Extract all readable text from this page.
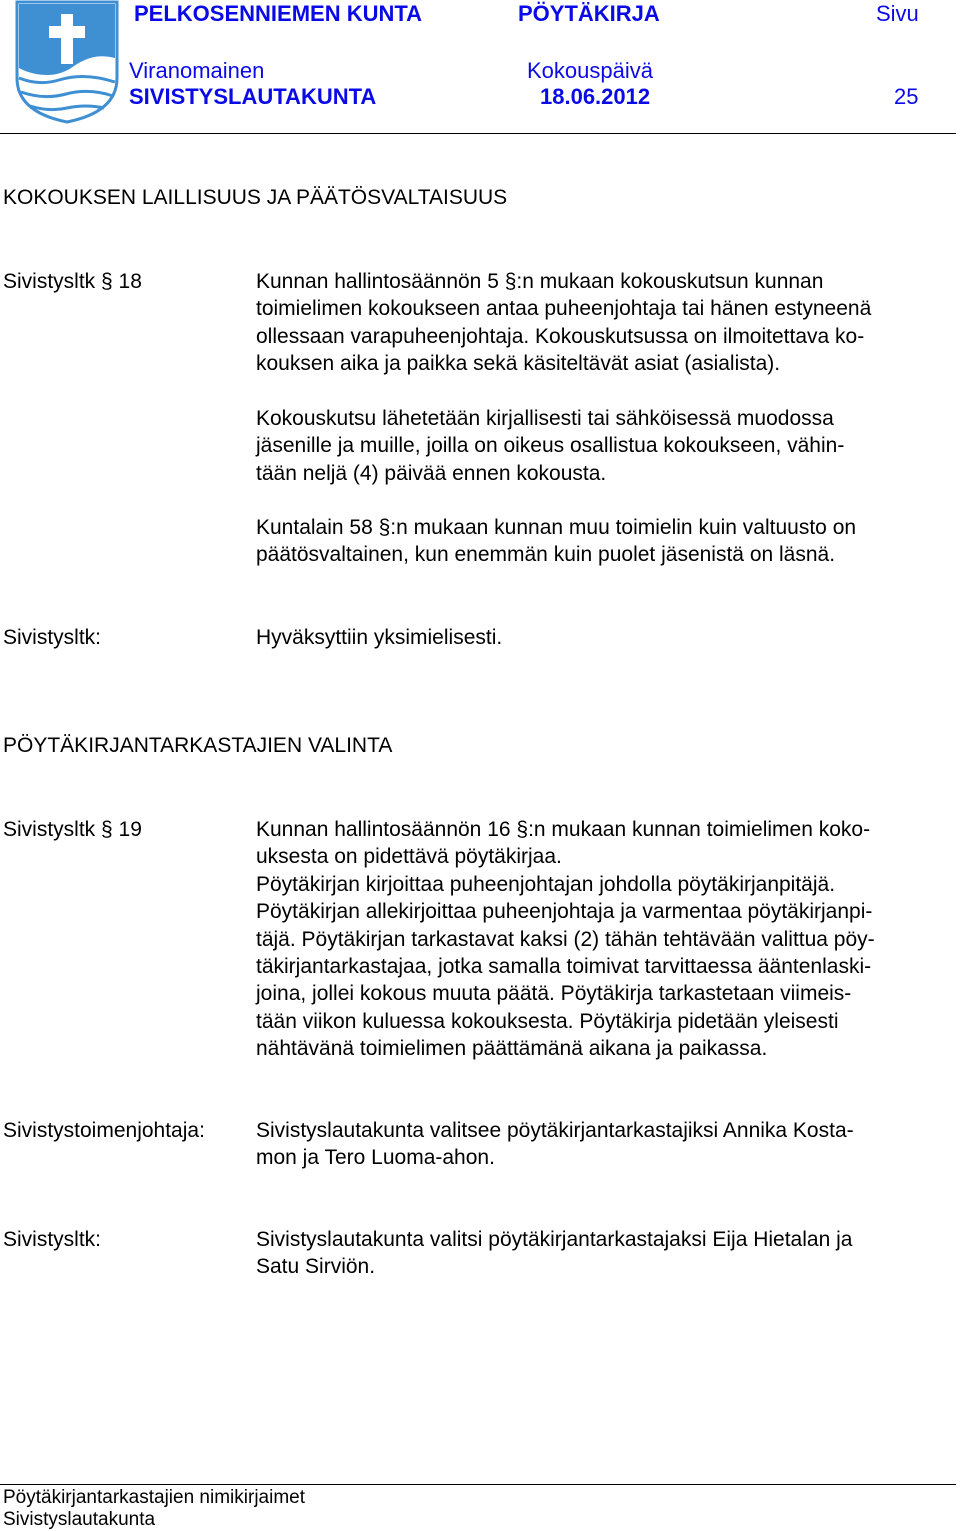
PELKOSENNIEMEN KUNTA	PÖYTÄKIRJA	Sivu
Viranomainen	Kokouspäivä
SIVISTYSLAUTAKUNTA	18.06.2012	25
KOKOUKSEN LAILLISUUS JA PÄÄTÖSVALTAISUUS
Sivistysltk § 18	Kunnan hallintosäännön 5 §:n mukaan kokouskutsun kunnan
toimielimen kokoukseen antaa puheenjohtaja tai hänen estyneenä
ollessaan varapuheenjohtaja. Kokouskutsussa on ilmoitettava ko-
kouksen aika ja paikka sekä käsiteltävät asiat (asialista).
Kokouskutsu lähetetään kirjallisesti tai sähköisessä muodossa
jäsenille ja muille, joilla on oikeus osallistua kokoukseen, vähin-
tään neljä (4) päivää ennen kokousta.
Kuntalain 58 §:n mukaan kunnan muu toimielin kuin valtuusto on
päätösvaltainen, kun enemmän kuin puolet jäsenistä on läsnä.
Sivistysltk:	Hyväksyttiin yksimielisesti.
PÖYTÄKIRJANTARKASTAJIEN VALINTA
Sivistysltk § 19	Kunnan hallintosäännön 16 §:n mukaan kunnan toimielimen koko-
uksesta on pidettävä pöytäkirjaa.
Pöytäkirjan kirjoittaa puheenjohtajan johdolla pöytäkirjanpitäjä.
Pöytäkirjan allekirjoittaa puheenjohtaja ja varmentaa pöytäkirjanpi-
täjä. Pöytäkirjan tarkastavat kaksi (2) tähän tehtävään valittua pöy-
täkirjantarkastajaa, jotka samalla toimivat tarvittaessa ääntenlaski-
joina, jollei kokous muuta päätä. Pöytäkirja tarkastetaan viimeis-
tään viikon kuluessa kokouksesta. Pöytäkirja pidetään yleisesti
nähtävänä toimielimen päättämänä aikana ja paikassa.
Sivistystoimenjohtaja: Sivistyslautakunta valitsee pöytäkirjantarkastajiksi Annika Kosta-
mon ja Tero Luoma-ahon.
Sivistysltk:	Sivistyslautakunta valitsi pöytäkirjantarkastajaksi Eija Hietalan ja
Satu Sirviön.
Pöytäkirjantarkastajien nimikirjaimet
Sivistyslautakunta
